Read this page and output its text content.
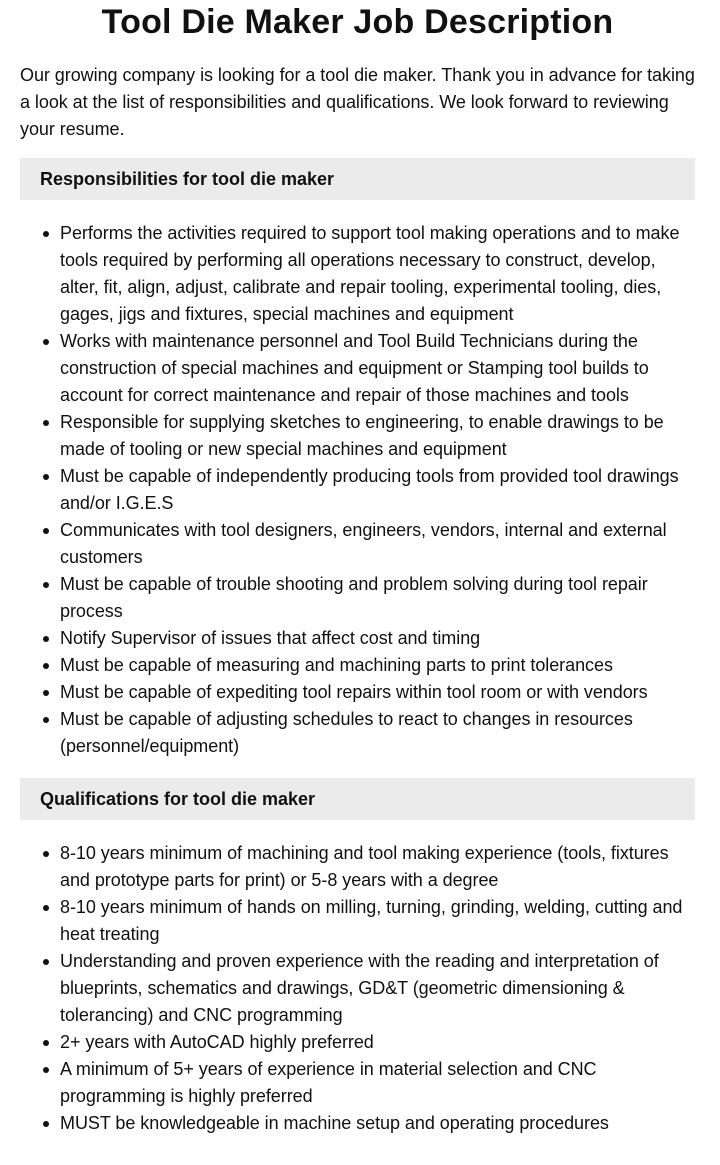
Tool Die Maker Job Description

Our growing company is looking for a tool die maker. Thank you in advance for taking a look at the list of responsibilities and qualifications. We look forward to reviewing your resume.

Responsibilities for tool die maker
Performs the activities required to support tool making operations and to make tools required by performing all operations necessary to construct, develop, alter, fit, align, adjust, calibrate and repair tooling, experimental tooling, dies, gages, jigs and fixtures, special machines and equipment
Works with maintenance personnel and Tool Build Technicians during the construction of special machines and equipment or Stamping tool builds to account for correct maintenance and repair of those machines and tools
Responsible for supplying sketches to engineering, to enable drawings to be made of tooling or new special machines and equipment
Must be capable of independently producing tools from provided tool drawings and/or I.G.E.S
Communicates with tool designers, engineers, vendors, internal and external customers
Must be capable of trouble shooting and problem solving during tool repair process
Notify Supervisor of issues that affect cost and timing
Must be capable of measuring and machining parts to print tolerances
Must be capable of expediting tool repairs within tool room or with vendors
Must be capable of adjusting schedules to react to changes in resources (personnel/equipment)
Qualifications for tool die maker
8-10 years minimum of machining and tool making experience (tools, fixtures and prototype parts for print) or 5-8 years with a degree
8-10 years minimum of hands on milling, turning, grinding, welding, cutting and heat treating
Understanding and proven experience with the reading and interpretation of blueprints, schematics and drawings, GD&T (geometric dimensioning & tolerancing) and CNC programming
2+ years with AutoCAD highly preferred
A minimum of 5+ years of experience in material selection and CNC programming is highly preferred
MUST be knowledgeable in machine setup and operating procedures
